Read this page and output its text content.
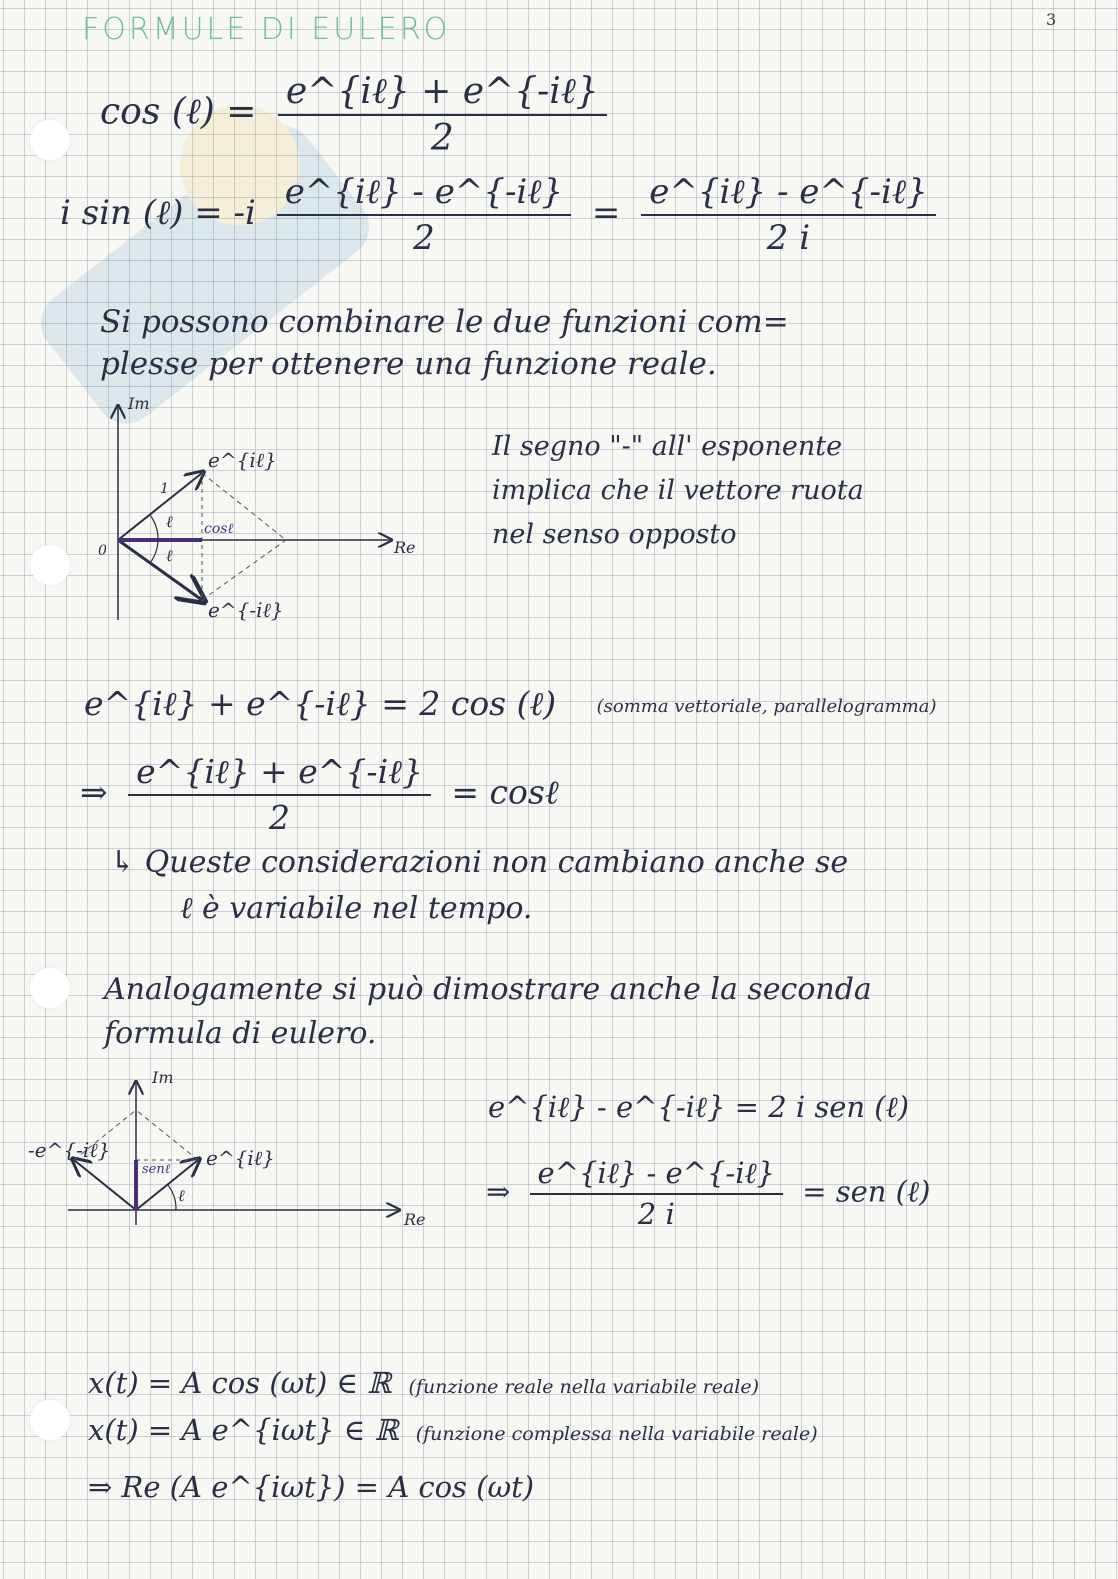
FORMULE DI EULERO	3
cos (ℓ) = $\frac{\text{e\textasciicircum{}\{iℓ\} + e\textasciicircum{}\{-iℓ\}}}{2}$
i sin (ℓ) = $-i \frac{\text{e\textasciicircum{}\{iℓ\} - e\textasciicircum{}\{-iℓ\}}}{2} = \frac{\text{e\textasciicircum{}\{iℓ\} - e\textasciicircum{}\{-iℓ\}}}{2 i}$
Si possono combinare le due funzioni com=
plesse per ottenere una funzione reale.
Im
Re
0
e^{iℓ}
e^{-iℓ}
1
ℓ
ℓ
cosℓ
Il segno "-" all' esponente
implica che il vettore ruota
nel senso opposto
e^{iℓ} + e^{-iℓ} = 2 cos (ℓ) (somma vettoriale, parallelogramma)
⇒ $\frac{\text{e\textasciicircum{}\{iℓ\} + e\textasciicircum{}\{-iℓ\}}}{2}$ = cosℓ
↳ Queste considerazioni non cambiano anche se
ℓ è variabile nel tempo.
Analogamente si può dimostrare anche la seconda
formula di eulero.
Im
Re
e^{iℓ}
-e^{-iℓ}
ℓ
senℓ
e^{iℓ} - e^{-iℓ} = 2 i sen (ℓ)
⇒ $\frac{\text{e\textasciicircum{}\{iℓ\} - e\textasciicircum{}\{-iℓ\}}}{2 i}$ = sen (ℓ)
x(t) = A cos (ωt) ∈ ℝ (funzione reale nella variabile reale)
x(t) = A e^{iωt} ∈ ℝ (funzione complessa nella variabile reale)
⇒ Re (A e^{iωt}) = A cos (ωt)
